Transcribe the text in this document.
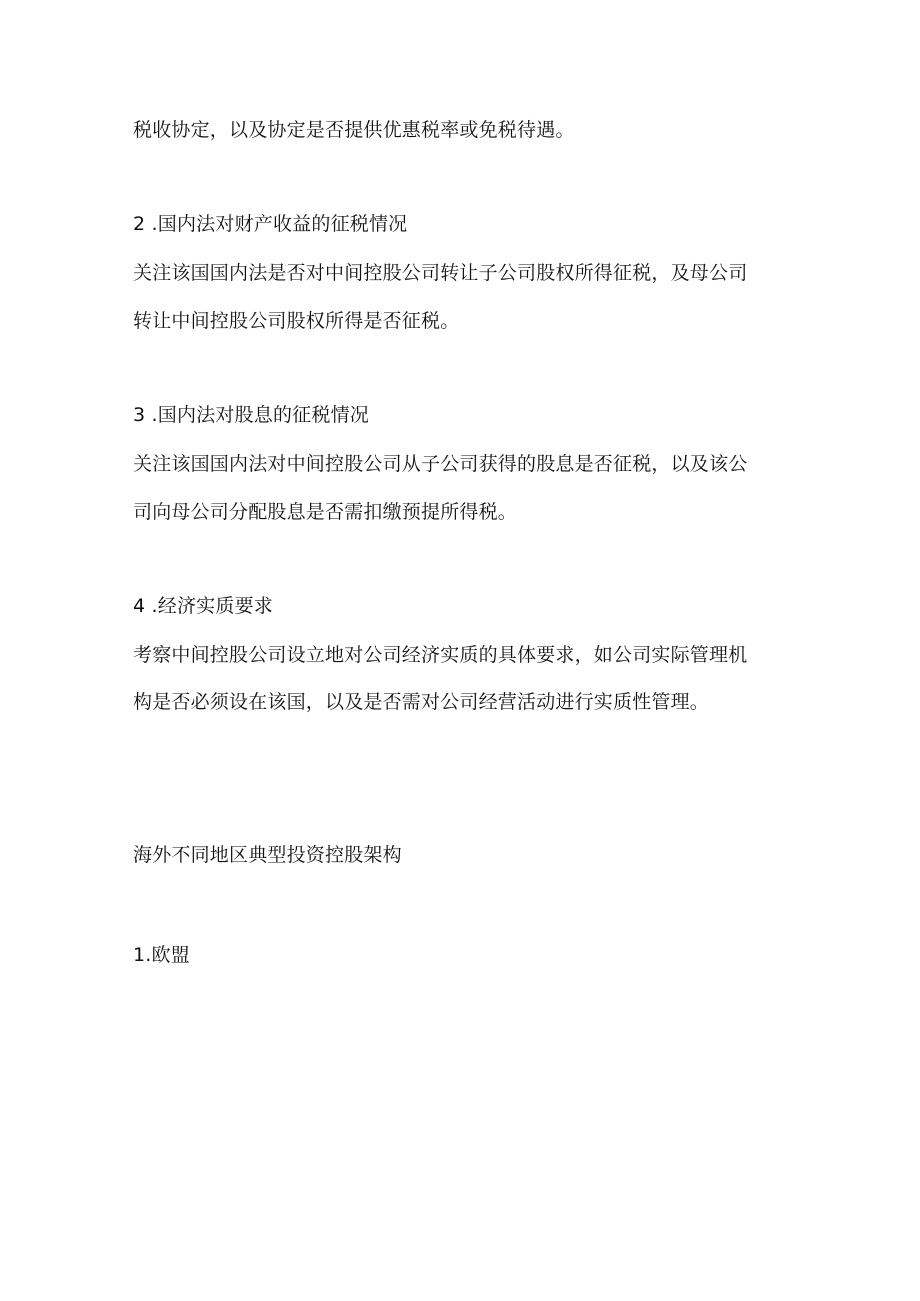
税收协定，以及协定是否提供优惠税率或免税待遇。
2 .国内法对财产收益的征税情况
关注该国国内法是否对中间控股公司转让子公司股权所得征税，及母公司
转让中间控股公司股权所得是否征税。
3 .国内法对股息的征税情况
关注该国国内法对中间控股公司从子公司获得的股息是否征税，以及该公
司向母公司分配股息是否需扣缴预提所得税。
4 .经济实质要求
考察中间控股公司设立地对公司经济实质的具体要求，如公司实际管理机
构是否必须设在该国，以及是否需对公司经营活动进行实质性管理。
海外不同地区典型投资控股架构
1.欧盟
